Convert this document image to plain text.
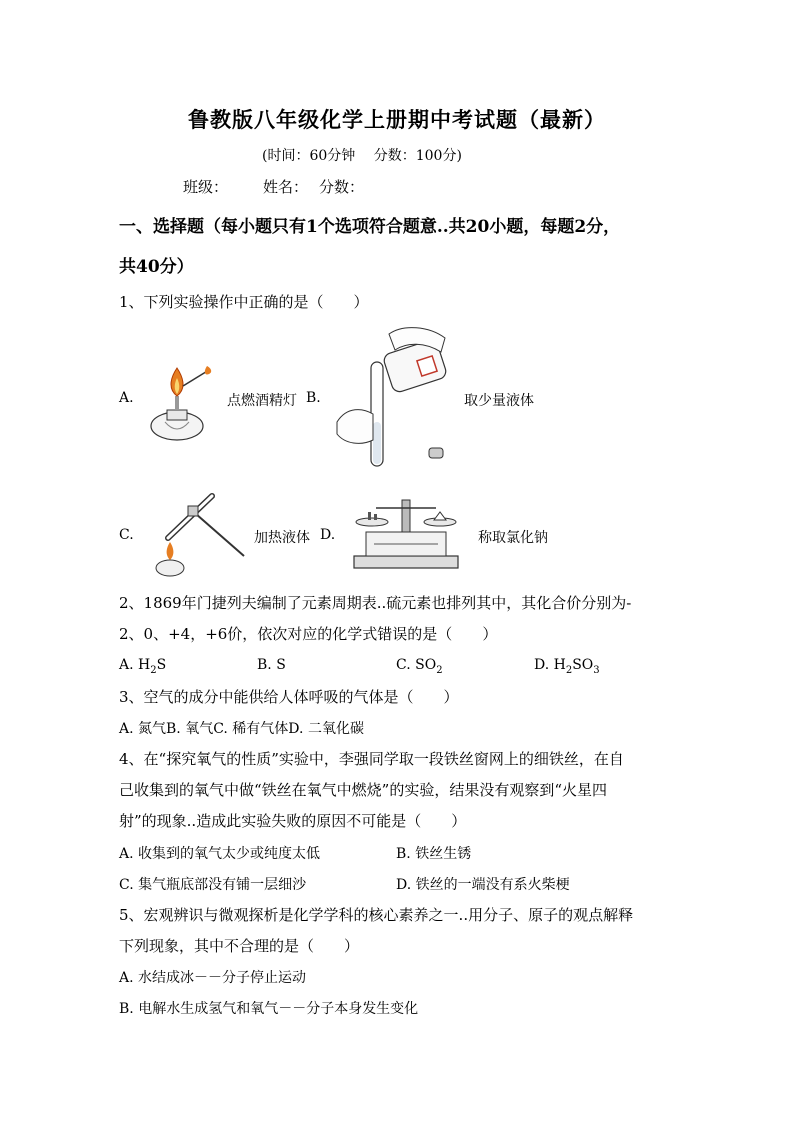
鲁教版八年级化学上册期中考试题（最新）
(时间：60分钟　 分数：100分)
班级： 姓名： 分数：
一、选择题（每小题只有1个选项符合题意..共20小题，每题2分，
共40分）
1、下列实验操作中正确的是（　　）
A.	点燃酒精灯 B.	取少量液体
C.	加热液体 D.	称取氯化钠
2、1869年门捷列夫编制了元素周期表..硫元素也排列其中，其化合价分别为-
2、0、+4，+6价，依次对应的化学式错误的是（　　）
A. $H_2S$	B. S	C. $SO_2$	D. $H_2SO_3$
3、空气的成分中能供给人体呼吸的气体是（　　）
A. 氮气B. 氧气C. 稀有气体D. 二氧化碳
4、在“探究氧气的性质”实验中，李强同学取一段铁丝窗网上的细铁丝，在自
己收集到的氧气中做“铁丝在氧气中燃烧”的实验，结果没有观察到“火星四
射”的现象..造成此实验失败的原因不可能是（　　）
A. 收集到的氧气太少或纯度太低	B. 铁丝生锈
C. 集气瓶底部没有铺一层细沙	D. 铁丝的一端没有系火柴梗
5、宏观辨识与微观探析是化学学科的核心素养之一..用分子、原子的观点解释
下列现象，其中不合理的是（　　）
A. 水结成冰－－分子停止运动
B. 电解水生成氢气和氧气－－分子本身发生变化
